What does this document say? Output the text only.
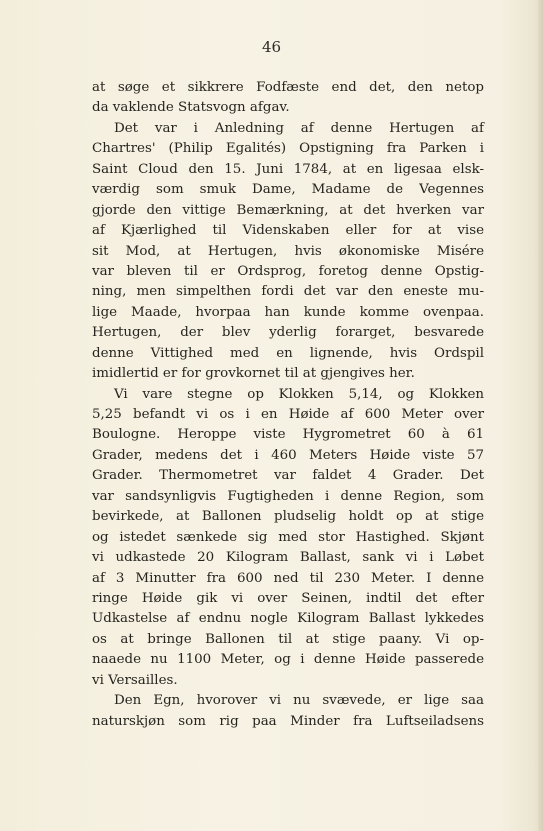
46
at søge et sikkrere Fodfæste end det, den netop
da vaklende Statsvogn afgav.
Det var i Anledning af denne Hertugen af
Chartres' (Philip Egalités) Opstigning fra Parken i
Saint Cloud den 15. Juni 1784, at en ligesaa elsk-
værdig som smuk Dame, Madame de Vegennes
gjorde den vittige Bemærkning, at det hverken var
af Kjærlighed til Videnskaben eller for at vise
sit Mod, at Hertugen, hvis økonomiske Misére
var bleven til er Ordsprog, foretog denne Opstig-
ning, men simpelthen fordi det var den eneste mu-
lige Maade, hvorpaa han kunde komme ovenpaa.
Hertugen, der blev yderlig forarget, besvarede
denne Vittighed med en lignende, hvis Ordspil
imidlertid er for grovkornet til at gjengives her.
Vi vare stegne op Klokken 5,14, og Klokken
5,25 befandt vi os i en Høide af 600 Meter over
Boulogne. Heroppe viste Hygrometret 60 à 61
Grader, medens det i 460 Meters Høide viste 57
Grader. Thermometret var faldet 4 Grader. Det
var sandsynligvis Fugtigheden i denne Region, som
bevirkede, at Ballonen pludselig holdt op at stige
og istedet sænkede sig med stor Hastighed. Skjønt
vi udkastede 20 Kilogram Ballast, sank vi i Løbet
af 3 Minutter fra 600 ned til 230 Meter. I denne
ringe Høide gik vi over Seinen, indtil det efter
Udkastelse af endnu nogle Kilogram Ballast lykkedes
os at bringe Ballonen til at stige paany. Vi op-
naaede nu 1100 Meter, og i denne Høide passerede
vi Versailles.
Den Egn, hvorover vi nu svævede, er lige saa
naturskjøn som rig paa Minder fra Luftseiladsens
